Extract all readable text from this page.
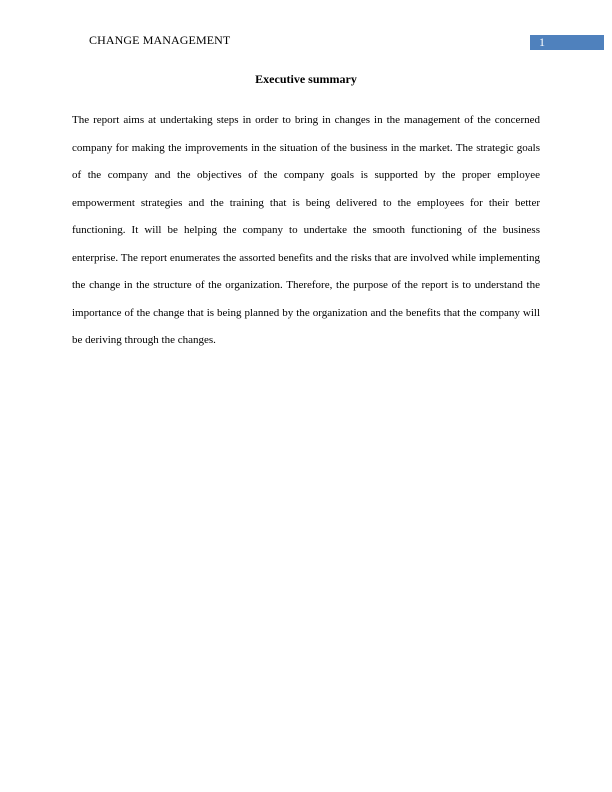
CHANGE MANAGEMENT	1
Executive summary

The report aims at undertaking steps in order to bring in changes in the management of the concerned company for making the improvements in the situation of the business in the market. The strategic goals of the company and the objectives of the company goals is supported by the proper employee empowerment strategies and the training that is being delivered to the employees for their better functioning. It will be helping the company to undertake the smooth functioning of the business enterprise. The report enumerates the assorted benefits and the risks that are involved while implementing the change in the structure of the organization. Therefore, the purpose of the report is to understand the importance of the change that is being planned by the organization and the benefits that the company will be deriving through the changes.
